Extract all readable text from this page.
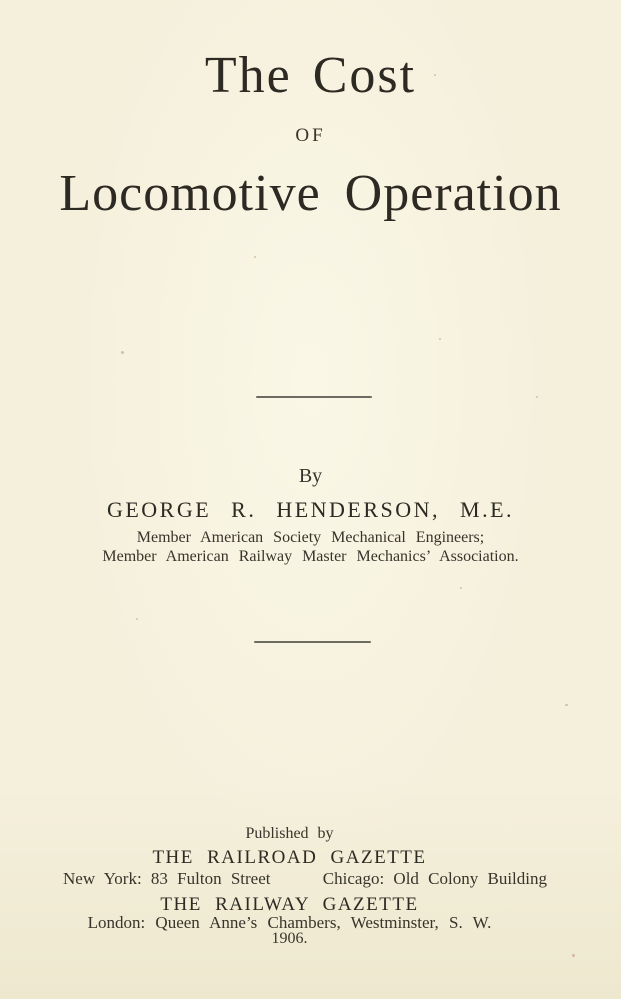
The Cost
OF
Locomotive Operation
By
GEORGE R. HENDERSON, M.E.
Member American Society Mechanical Engineers;
Member American Railway Master Mechanics’ Association.
Published by
THE RAILROAD GAZETTE
New York: 83 Fulton Street	Chicago: Old Colony Building
THE RAILWAY GAZETTE
London: Queen Anne’s Chambers, Westminster, S. W.
1906.
